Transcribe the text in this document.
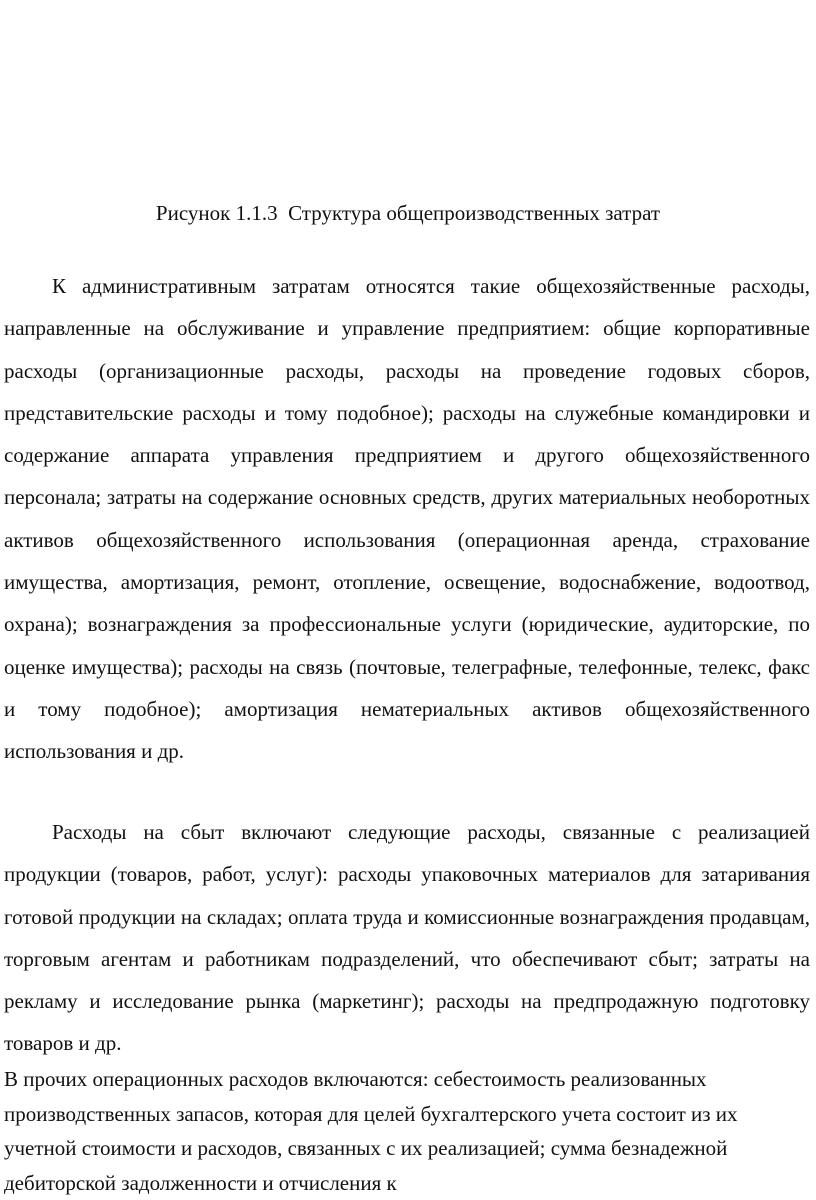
Рисунок 1.1.3  Структура общепроизводственных затрат

К административным затратам относятся такие общехозяйственные расходы, направленные на обслуживание и управление предприятием: общие корпоративные расходы (организационные расходы, расходы на проведение годовых сборов, представительские расходы и тому подобное); расходы на служебные командировки и содержание аппарата управления предприятием и другого общехозяйственного персонала; затраты на содержание основных средств, других материальных необоротных активов общехозяйственного использования (операционная аренда, страхование имущества, амортизация, ремонт, отопление, освещение, водоснабжение, водоотвод, охрана); вознаграждения за профессиональные услуги (юридические, аудиторские, по оценке имущества); расходы на связь (почтовые, телеграфные, телефонные, телекс, факс и тому подобное); амортизация нематериальных активов общехозяйственного использования и др.

Расходы на сбыт включают следующие расходы, связанные с реализацией продукции (товаров, работ, услуг): расходы упаковочных материалов для затаривания готовой продукции на складах; оплата труда и комиссионные вознаграждения продавцам, торговым агентам и работникам подразделений, что обеспечивают сбыт; затраты на рекламу и исследование рынка (маркетинг); расходы на предпродажную подготовку товаров и др.

В прочих операционных расходов включаются: себестоимость реализованных производственных запасов, которая для целей бухгалтерского учета состоит из их учетной стоимости и расходов, связанных с их реализацией; сумма безнадежной дебиторской задолженности и отчисления к
